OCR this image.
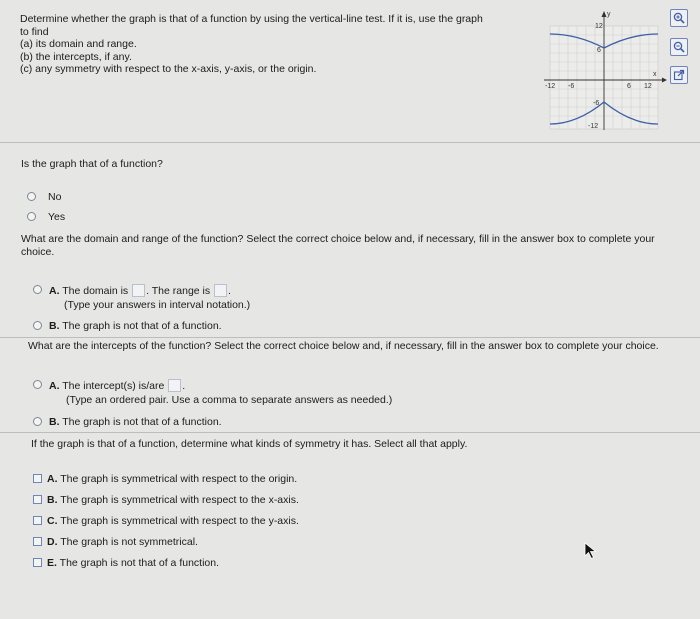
Determine whether the graph is that of a function by using the vertical-line test. If it is, use the graph
to find
(a) its domain and range.
(b) the intercepts, if any.
(c) any symmetry with respect to the x-axis, y-axis, or the origin.
y
x
-12 -6	6 12
12
6
-6
-12
Is the graph that of a function?
No
Yes
What are the domain and range of the function? Select the correct choice below and, if necessary, fill in the answer box to complete your
choice.
A. The domain is . The range is .
(Type your answers in interval notation.)
B. The graph is not that of a function.
What are the intercepts of the function? Select the correct choice below and, if necessary, fill in the answer box to complete your choice.
A. The intercept(s) is/are .
(Type an ordered pair. Use a comma to separate answers as needed.)
B. The graph is not that of a function.
If the graph is that of a function, determine what kinds of symmetry it has. Select all that apply.
A. The graph is symmetrical with respect to the origin.
B. The graph is symmetrical with respect to the x-axis.
C. The graph is symmetrical with respect to the y-axis.
D. The graph is not symmetrical.
E. The graph is not that of a function.
